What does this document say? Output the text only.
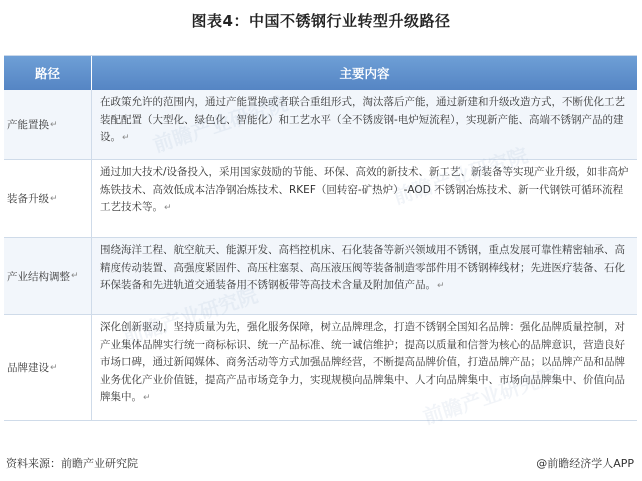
图表4：中国不锈钢行业转型升级路径
路径	主要内容
产能置换 ↵
在政策允许的范围内，通过产能置换或者联合重组形式，淘汰落后产能，通过新建和升级改造方式，不断优化工艺装配配置（大型化、绿色化、智能化）和工艺水平（全不锈废钢-电炉短流程），实现新产能、高端不锈钢产品的建设。↵
装备升级 ↵
通过加大技术/设备投入，采用国家鼓励的节能、环保、高效的新技术、新工艺、新装备等实现产业升级，如非高炉炼铁技术、高效低成本洁净钢冶炼技术、RKEF（回转窑-矿热炉）-AOD 不锈钢冶炼技术、新一代钢铁可循环流程工艺技术等。↵
产业结构调整 ↵
围绕海洋工程、航空航天、能源开发、高档控机床、石化装备等新兴领域用不锈钢，重点发展可靠性精密轴承、高精度传动装置、高强度紧固件、高压柱塞泵、高压液压阀等装备制造零部件用不锈钢棒线材；先进医疗装备、石化环保装备和先进轨道交通装备用不锈钢板带等高技术含量及附加值产品。↵
品牌建设 ↵
深化创新驱动，坚持质量为先，强化服务保障，树立品牌理念，打造不锈钢全国知名品牌：强化品牌质量控制，对产业集体品牌实行统一商标标识、统一产品标准、统一诚信维护；提高以质量和信誉为核心的品牌意识，营造良好市场口碑，通过新闻媒体、商务活动等方式加强品牌经营，不断提高品牌价值，打造品牌产品；以品牌产品和品牌业务优化产业价值链，提高产品市场竞争力，实现规模向品牌集中、人才向品牌集中、市场向品牌集中、价值向品牌集中。↵
资料来源：前瞻产业研究院	@前瞻经济学人APP
